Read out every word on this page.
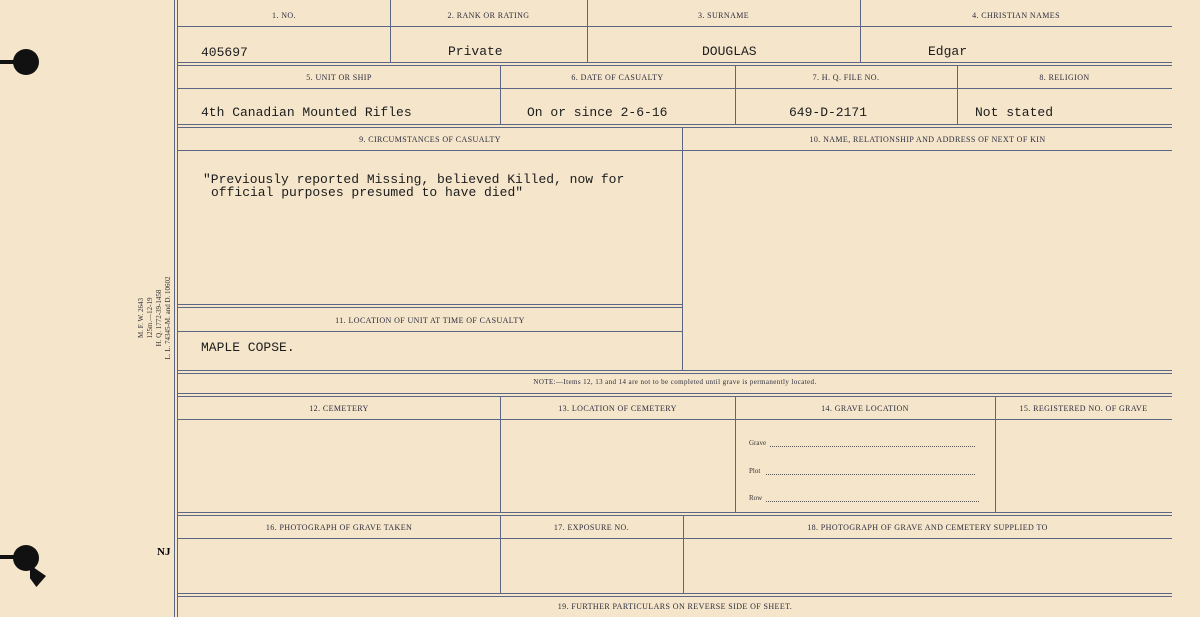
M. F. W. 2643 125m.—12-19 H. Q. 1772-39-1458 L. L. 74345-M. and D. 10602
NJ
1. NO.	2. RANK OR RATING	3. SURNAME	4. CHRISTIAN NAMES
405697	Private	DOUGLAS	Edgar
5. UNIT OR SHIP	6. DATE OF CASUALTY	7. H. Q. FILE NO.	8. RELIGION
4th Canadian Mounted Rifles	On or since 2-6-16	649-D-2171	Not stated
9. CIRCUMSTANCES OF CASUALTY	10. NAME, RELATIONSHIP AND ADDRESS OF NEXT OF KIN
"Previously reported Missing, believed Killed, now for
official purposes presumed to have died"
11. LOCATION OF UNIT AT TIME OF CASUALTY
MAPLE COPSE.
NOTE:—Items 12, 13 and 14 are not to be completed until grave is permanently located.
12. CEMETERY	13. LOCATION OF CEMETERY	14. GRAVE LOCATION	15. REGISTERED NO. OF GRAVE
Grave
Plot
Row
16. PHOTOGRAPH OF GRAVE TAKEN	17. EXPOSURE NO.	18. PHOTOGRAPH OF GRAVE AND CEMETERY SUPPLIED TO
19. FURTHER PARTICULARS ON REVERSE SIDE OF SHEET.
